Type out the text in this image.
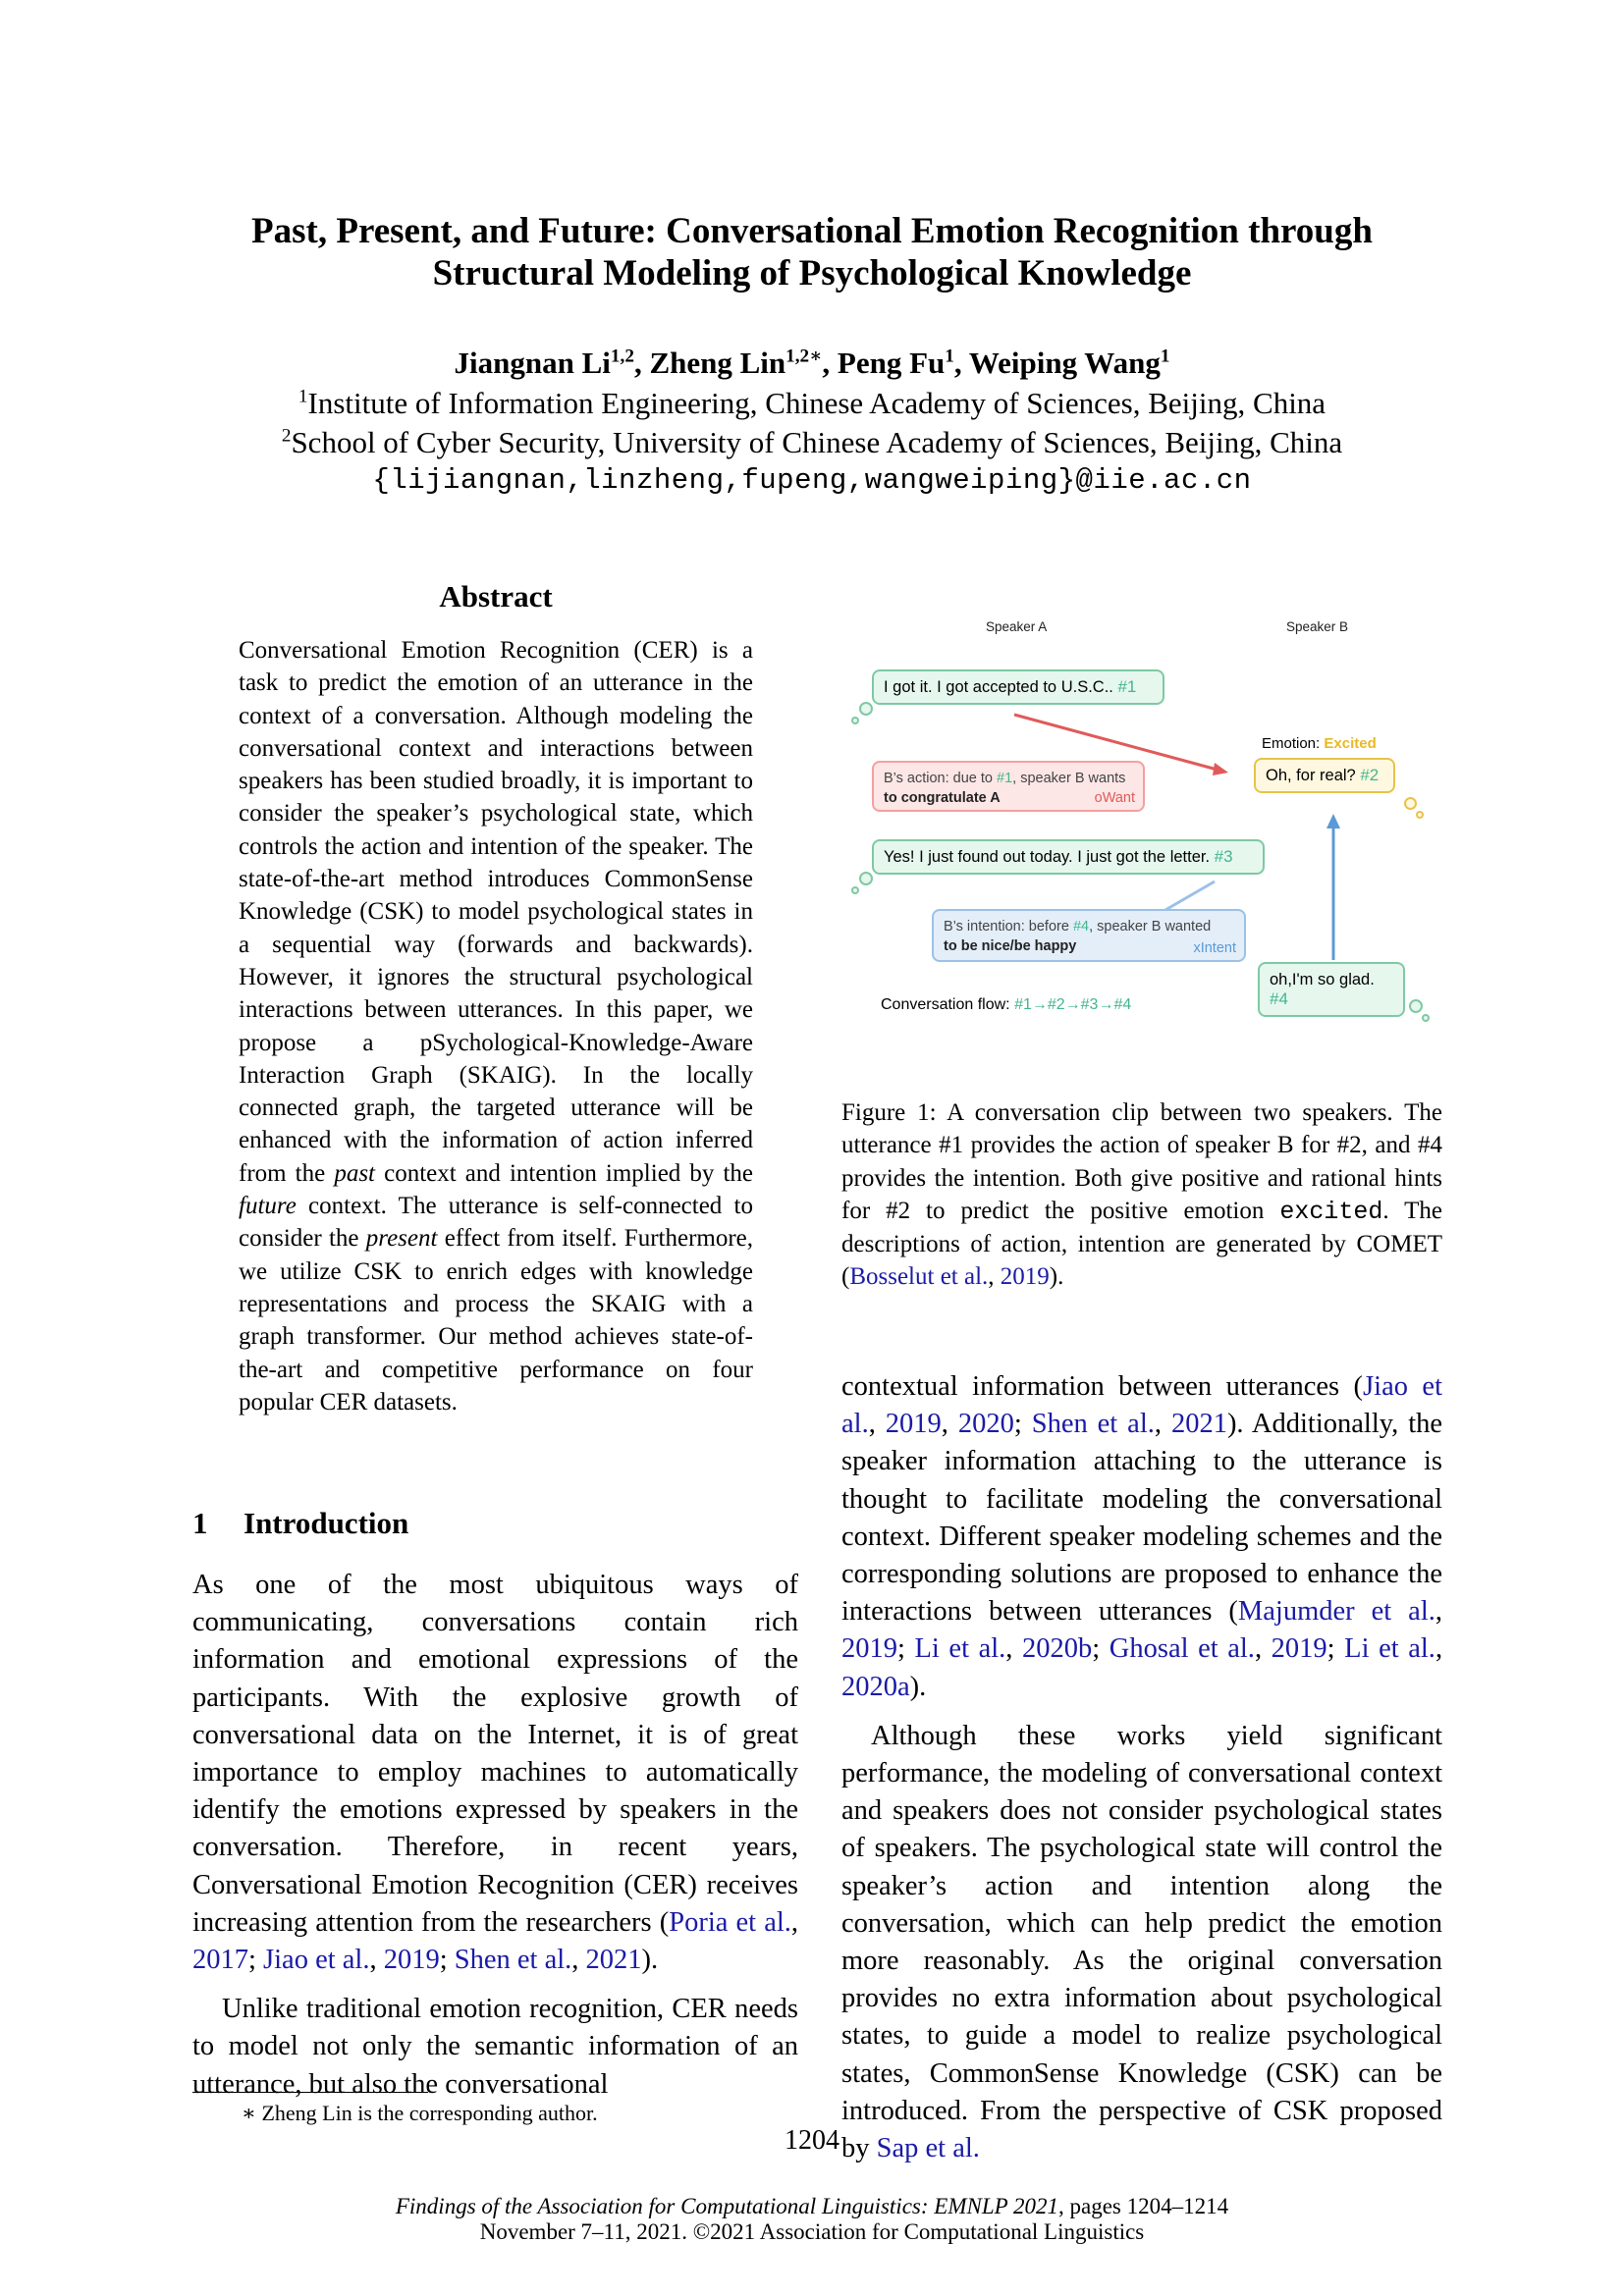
Past, Present, and Future: Conversational Emotion Recognition through
Structural Modeling of Psychological Knowledge
Jiangnan Li$^{1,2}$, Zheng Lin$^{1,2∗}$, Peng Fu$^1$, Weiping Wang$^1$
$^1$Institute of Information Engineering, Chinese Academy of Sciences, Beijing, China
$^2$School of Cyber Security, University of Chinese Academy of Sciences, Beijing, China
{lijiangnan,linzheng,fupeng,wangweiping}@iie.ac.cn
Abstract
Conversational Emotion Recognition (CER) is a task to predict the emotion of an utterance in the context of a conversation. Although modeling the conversational context and interactions between speakers has been studied broadly, it is important to consider the speaker’s psychological state, which controls the action and intention of the speaker. The state-of-the-art method introduces CommonSense Knowledge (CSK) to model psychological states in a sequential way (forwards and backwards). However, it ignores the structural psychological interactions between utterances. In this paper, we propose a pSychological-Knowledge-Aware Interaction Graph (SKAIG). In the locally connected graph, the targeted utterance will be enhanced with the information of action inferred from the past context and intention implied by the future context. The utterance is self-connected to consider the present effect from itself. Furthermore, we utilize CSK to enrich edges with knowledge representations and process the SKAIG with a graph transformer. Our method achieves state-of-the-art and competitive performance on four popular CER datasets.
1 Introduction

As one of the most ubiquitous ways of communicating, conversations contain rich information and emotional expressions of the participants. With the explosive growth of conversational data on the Internet, it is of great importance to employ machines to automatically identify the emotions expressed by speakers in the conversation. Therefore, in recent years, Conversational Emotion Recognition (CER) receives increasing attention from the researchers (Poria et al., 2017; Jiao et al., 2019; Shen et al., 2021).

Unlike traditional emotion recognition, CER needs to model not only the semantic information of an utterance, but also the conversational

∗ Zheng Lin is the corresponding author.
Speaker A	Speaker B
I got it. I got accepted to U.S.C.. #1
Emotion: Excited
Oh, for real? #2
B’s action: due to #1, speaker B wants
to congratulate A	oWant
Yes! I just found out today. I just got the letter. #3
B’s intention: before #4, speaker B wanted
to be nice/be happy	xIntent
oh,I'm so glad. #4
Conversation flow: #1→#2→#3→#4
Figure 1: A conversation clip between two speakers. The utterance #1 provides the action of speaker B for #2, and #4 provides the intention. Both give positive and rational hints for #2 to predict the positive emotion excited. The descriptions of action, intention are generated by COMET (Bosselut et al., 2019).

contextual information between utterances (Jiao et al., 2019, 2020; Shen et al., 2021). Additionally, the speaker information attaching to the utterance is thought to facilitate modeling the conversational context. Different speaker modeling schemes and the corresponding solutions are proposed to enhance the interactions between utterances (Majumder et al., 2019; Li et al., 2020b; Ghosal et al., 2019; Li et al., 2020a).

Although these works yield significant performance, the modeling of conversational context and speakers does not consider psychological states of speakers. The psychological state will control the speaker’s action and intention along the conversation, which can help predict the emotion more reasonably. As the original conversation provides no extra information about psychological states, to guide a model to realize psychological states, CommonSense Knowledge (CSK) can be introduced. From the perspective of CSK proposed by Sap et al.

1204
Findings of the Association for Computational Linguistics: EMNLP 2021, pages 1204–1214
November 7–11, 2021. ©2021 Association for Computational Linguistics
